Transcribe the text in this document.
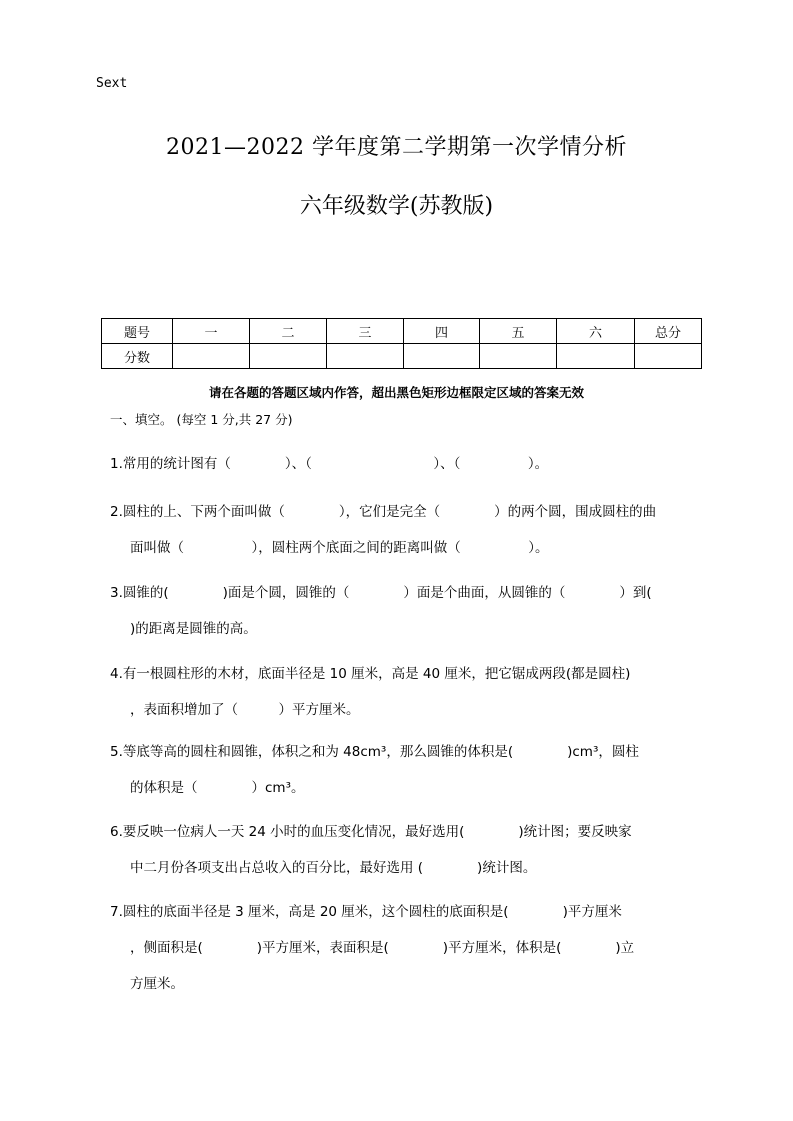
Sext
2021—2022 学年度第二学期第一次学情分析
六年级数学(苏教版)
题号	一	二	三	四	五	六	总分
分数							
请在各题的答题区域内作答，超出黑色矩形边框限定区域的答案无效
一、填空。 (每空 1 分,共 27 分)
1.常用的统计图有（　　　　）、（　　　　　　　　　）、（　　　　　）。
2.圆柱的上、下两个面叫做（　　　　），它们是完全（　　　　）的两个圆，围成圆柱的曲
面叫做（　　　　　），圆柱两个底面之间的距离叫做（　　　　　）。
3.圆锥的(　　　　)面是个圆，圆锥的（　　　　）面是个曲面，从圆锥的（　　　　）到(
)的距离是圆锥的高。
4.有一根圆柱形的木材，底面半径是 10 厘米，高是 40 厘米，把它锯成两段(都是圆柱)
，表面积增加了（　　　）平方厘米。
5.等底等高的圆柱和圆锥，体积之和为 48cm³，那么圆锥的体积是(　　　　)cm³，圆柱
的体积是（　　　　）cm³。
6.要反映一位病人一天 24 小时的血压变化情况，最好选用(　　　　)统计图；要反映家
中二月份各项支出占总收入的百分比，最好选用 (　　　　)统计图。
7.圆柱的底面半径是 3 厘米，高是 20 厘米，这个圆柱的底面积是(　　　　)平方厘米
，侧面积是(　　　　)平方厘米，表面积是(　　　　)平方厘米，体积是(　　　　)立
方厘米。
